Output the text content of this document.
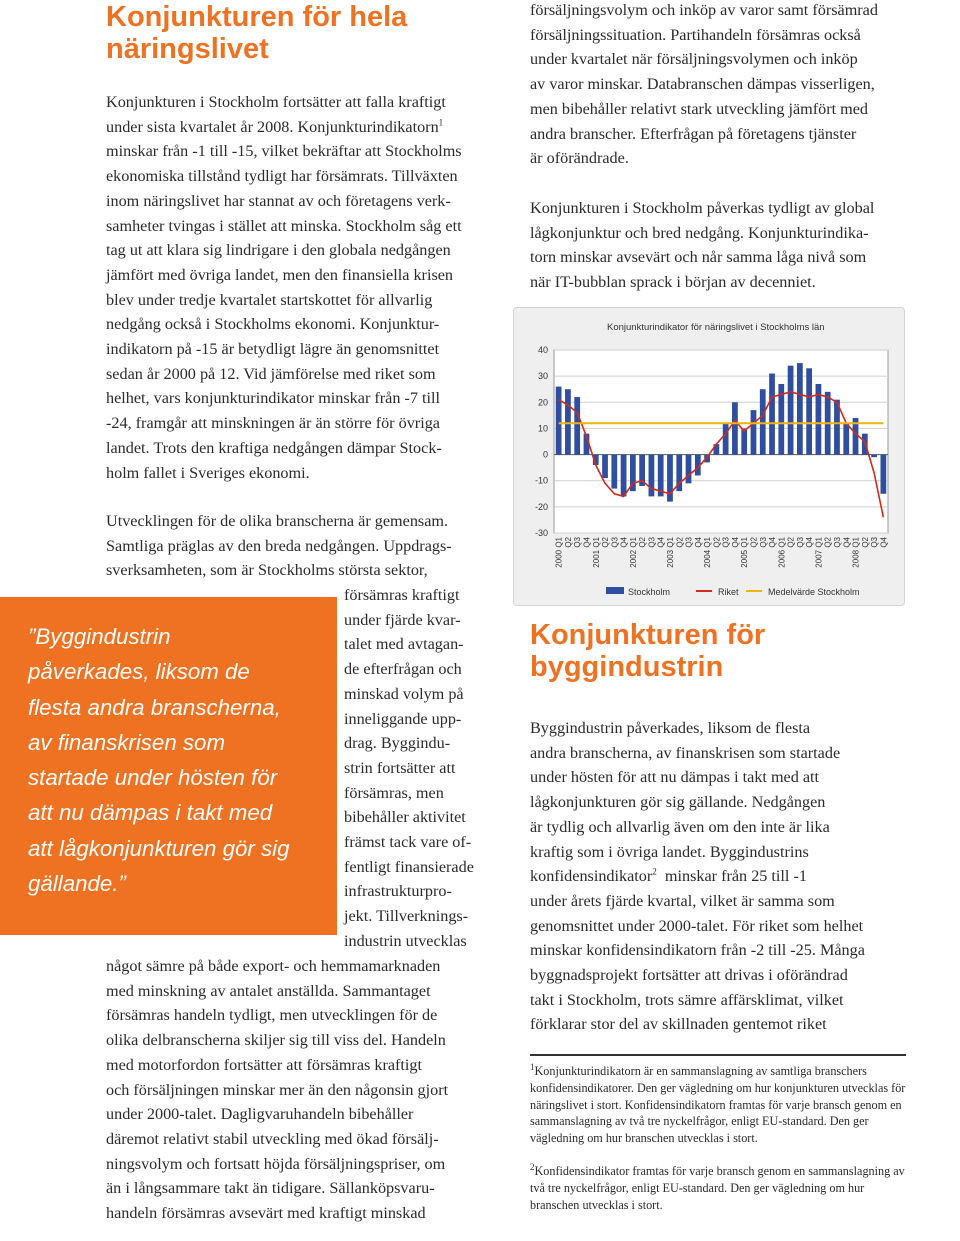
Konjunkturen för hela
näringslivet
Konjunkturen i Stockholm fortsätter att falla kraftigt
under sista kvartalet år 2008. Konjunkturindikatorn$^1$
minskar från -1 till -15, vilket bekräftar att Stockholms
ekonomiska tillstånd tydligt har försämrats. Tillväxten
inom näringslivet har stannat av och företagens verk-
samheter tvingas i stället att minska. Stockholm såg ett
tag ut att klara sig lindrigare i den globala nedgången
jämfört med övriga landet, men den finansiella krisen
blev under tredje kvartalet startskottet för allvarlig
nedgång också i Stockholms ekonomi. Konjunktur-
indikatorn på -15 är betydligt lägre än genomsnittet
sedan år 2000 på 12. Vid jämförelse med riket som
helhet, vars konjunkturindikator minskar från -7 till
-24, framgår att minskningen är än större för övriga
landet. Trots den kraftiga nedgången dämpar Stock-
holm fallet i Sveriges ekonomi.
Utvecklingen för de olika branscherna är gemensam.
Samtliga präglas av den breda nedgången. Uppdrags-
sverksamheten, som är Stockholms största sektor,
försämras kraftigt
under fjärde kvar-
talet med avtagan-
de efterfrågan och
minskad volym på
inneliggande upp-
drag. Byggindu-
strin fortsätter att
försämras, men
bibehåller aktivitet
främst tack vare of-
fentligt finansierade
infrastrukturpro-
jekt. Tillverknings-
industrin utvecklas
något sämre på både export- och hemmamarknaden
med minskning av antalet anställda. Sammantaget
försämras handeln tydligt, men utvecklingen för de
olika delbranscherna skiljer sig till viss del. Handeln
med motorfordon fortsätter att försämras kraftigt
och försäljningen minskar mer än den någonsin gjort
under 2000-talet. Dagligvaruhandeln bibehåller
däremot relativt stabil utveckling med ökad försälj-
ningsvolym och fortsatt höjda försäljningspriser, om
än i långsammare takt än tidigare. Sällanköpsvaru-
handeln försämras avsevärt med kraftigt minskad
”Byggindustrin
påverkades, liksom de
flesta andra branscherna,
av finanskrisen som
startade under hösten för
att nu dämpas i takt med
att lågkonjunkturen gör sig
gällande.”
försäljningsvolym och inköp av varor samt försämrad
försäljningssituation. Partihandeln försämras också
under kvartalet när försäljningsvolymen och inköp
av varor minskar. Databranschen dämpas visserligen,
men bibehåller relativt stark utveckling jämfört med
andra branscher. Efterfrågan på företagens tjänster
är oförändrade.
Konjunkturen i Stockholm påverkas tydligt av global
lågkonjunktur och bred nedgång. Konjunkturindika-
torn minskar avsevärt och når samma låga nivå som
när IT-bubblan sprack i början av decenniet.
Konjunkturindikator för näringslivet i Stockholms län
40
30
20
10
0
-10
-20
-30
2000 Q1 Q2 Q3 Q4 2001 Q1 Q2 Q3 Q4 2002 Q1 Q2 Q3 Q4 2003 Q1 Q2 Q3 Q4 2004 Q1 Q2 Q3 Q4 2005 Q1 Q2 Q3 Q4 2006 Q1 Q2 Q3 Q4 2007 Q1 Q2 Q3 Q4 2008 Q1 Q2 Q3 Q4
Stockholm	Riket	Medelvärde Stockholm
Konjunkturen för
byggindustrin
Byggindustrin påverkades, liksom de flesta
andra branscherna, av finanskrisen som startade
under hösten för att nu dämpas i takt med att
lågkonjunkturen gör sig gällande. Nedgången
är tydlig och allvarlig även om den inte är lika
kraftig som i övriga landet. Byggindustrins
konfidensindikator$^2$ minskar från 25 till -1
under årets fjärde kvartal, vilket är samma som
genomsnittet under 2000-talet. För riket som helhet
minskar konfidensindikatorn från -2 till -25. Många
byggnadsprojekt fortsätter att drivas i oförändrad
takt i Stockholm, trots sämre affärsklimat, vilket
förklarar stor del av skillnaden gentemot riket

$^1$Konjunkturindikatorn är en sammanslagning av samtliga branschers konfidensindikatorer. Den ger vägledning om hur konjunkturen utvecklas för näringslivet i stort. Konfidensindikatorn framtas för varje bransch genom en sammanslagning av två tre nyckelfrågor, enligt EU-standard. Den ger vägledning om hur branschen utvecklas i stort.

$^2$Konfidensindikator framtas för varje bransch genom en sammanslagning av två tre nyckelfrågor, enligt EU-standard. Den ger vägledning om hur branschen utvecklas i stort.
